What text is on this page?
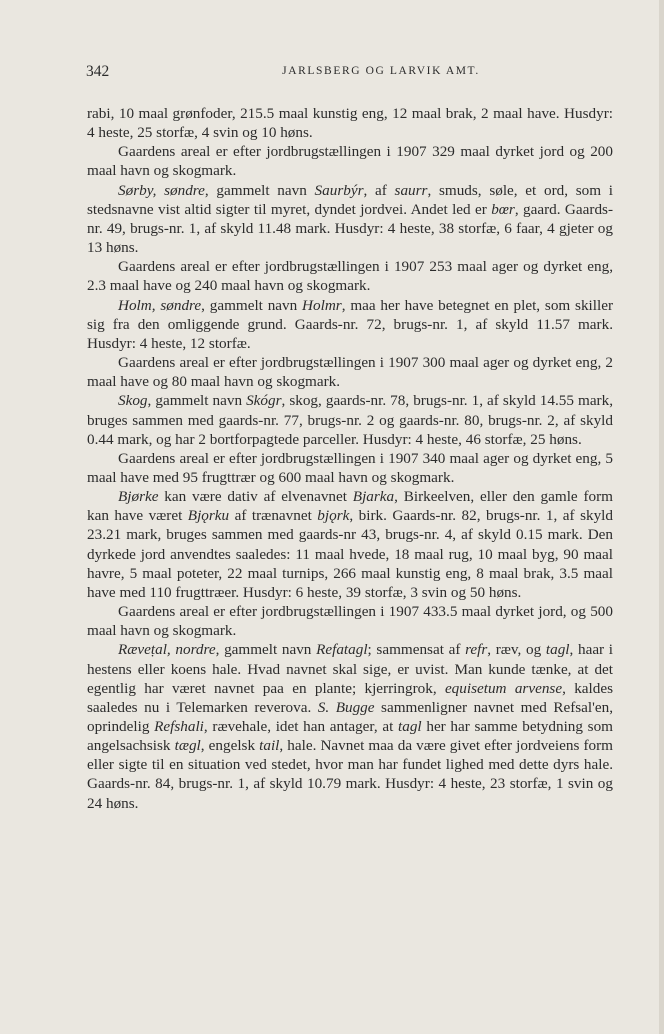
342	JARLSBERG OG LARVIK AMT.

rabi, 10 maal grønfoder, 215.5 maal kunstig eng, 12 maal brak, 2 maal have. Husdyr: 4 heste, 25 storfæ, 4 svin og 10 høns.

Gaardens areal er efter jordbrugstællingen i 1907 329 maal dyrket jord og 200 maal havn og skogmark.

Sørby, søndre, gammelt navn Saurbýr, af saurr, smuds, søle, et ord, som i stedsnavne vist altid sigter til myret, dyndet jordvei. Andet led er bœr, gaard. Gaards-nr. 49, brugs-nr. 1, af skyld 11.48 mark. Husdyr: 4 heste, 38 storfæ, 6 faar, 4 gjeter og 13 høns.

Gaardens areal er efter jordbrugstællingen i 1907 253 maal ager og dyrket eng, 2.3 maal have og 240 maal havn og skogmark.

Holm, søndre, gammelt navn Holmr, maa her have betegnet en plet, som skiller sig fra den omliggende grund. Gaards-nr. 72, brugs-nr. 1, af skyld 11.57 mark. Husdyr: 4 heste, 12 storfæ.

Gaardens areal er efter jordbrugstællingen i 1907 300 maal ager og dyrket eng, 2 maal have og 80 maal havn og skogmark.

Skog, gammelt navn Skógr, skog, gaards-nr. 78, brugs-nr. 1, af skyld 14.55 mark, bruges sammen med gaards-nr. 77, brugs-nr. 2 og gaards-nr. 80, brugs-nr. 2, af skyld 0.44 mark, og har 2 bortforpagtede parceller. Husdyr: 4 heste, 46 storfæ, 25 høns.

Gaardens areal er efter jordbrugstællingen i 1907 340 maal ager og dyrket eng, 5 maal have med 95 frugttrær og 600 maal havn og skogmark.

Bjørke kan være dativ af elvenavnet Bjarka, Birkeelven, eller den gamle form kan have været Bjǫrku af trænavnet bjǫrk, birk. Gaards-nr. 82, brugs-nr. 1, af skyld 23.21 mark, bruges sammen med gaards-nr 43, brugs-nr. 4, af skyld 0.15 mark. Den dyrkede jord anvendtes saaledes: 11 maal hvede, 18 maal rug, 10 maal byg, 90 maal havre, 5 maal poteter, 22 maal turnips, 266 maal kunstig eng, 8 maal brak, 3.5 maal have med 110 frugttræer. Husdyr: 6 heste, 39 storfæ, 3 svin og 50 høns.

Gaardens areal er efter jordbrugstællingen i 1907 433.5 maal dyrket jord, og 500 maal havn og skogmark.

Ræveṭal, nordre, gammelt navn Refatagl; sammensat af refr, ræv, og tagl, haar i hestens eller koens hale. Hvad navnet skal sige, er uvist. Man kunde tænke, at det egentlig har været navnet paa en plante; kjerringrok, equisetum arvense, kaldes saaledes nu i Telemarken reverova. S. Bugge sammenligner navnet med Refsal'en, oprindelig Refshali, rævehale, idet han antager, at tagl her har samme betydning som angelsachsisk tægl, engelsk tail, hale. Navnet maa da være givet efter jordveiens form eller sigte til en situation ved stedet, hvor man har fundet lighed med dette dyrs hale. Gaards-nr. 84, brugs-nr. 1, af skyld 10.79 mark. Husdyr: 4 heste, 23 storfæ, 1 svin og 24 høns.
